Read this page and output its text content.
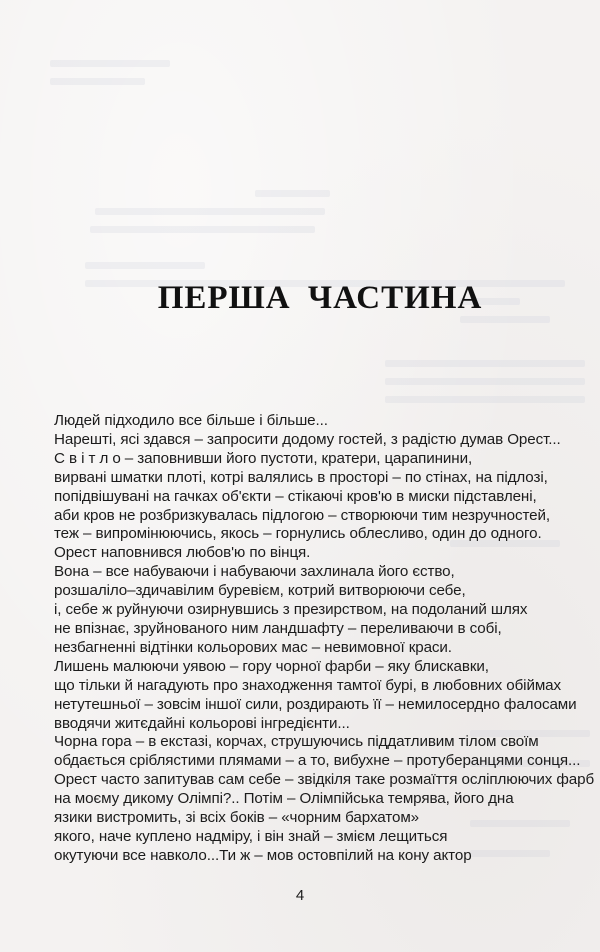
ПЕРША ЧАСТИНА
Людей підходило все більше і більше...
Нарешті, ясі здався – запросити додому гостей, з радістю думав Орест...
С в і т л о – заповнивши його пустоти, кратери, царапинини,
вирвані шматки плоті, котрі валялись в просторі – по стінах, на підлозі,
попідвішувані на гачках об'єкти – стікаючі кров'ю в миски підставлені,
аби кров не розбризкувалась підлогою – створюючи тим незручностей,
теж – випромінюючись, якось – горнулись облесливо, один до одного.
Орест наповнився любов'ю по вінця.
Вона – все набуваючи і набуваючи захлинала його єство,
розшаліло–здичавілим буревієм, котрий витворюючи себе,
і, себе ж руйнуючи озирнувшись з презирством, на подоланий шлях
не впізнає, зруйнованого ним ландшафту – переливаючи в собі,
незбагненні відтінки кольорових мас – невимовної краси.
Лишень малюючи уявою – гору чорної фарби – яку блискавки,
що тільки й нагадують про знаходження тамтої бурі, в любовних обіймах
нетутешньої – зовсім іншої сили, роздирають її – немилосердно фалосами
вводячи житєдайні кольорові інгредієнти...
Чорна гора – в екстазі, корчах, струшуючись піддатливим тілом своїм
обдається сріблястими плямами – а то, вибухне – протуберанцями сонця...
Орест часто запитував сам себе – звідкіля таке розмаїття осліплюючих фарб
на моєму дикому Олімпі?.. Потім – Олімпійська темрява, його дна
язики вистромить, зі всіх боків – «чорним бархатом»
якого, наче куплено надміру, і він знай – змієм лещиться
окутуючи все навколо...Ти ж – мов остовпілий на кону актор
4
